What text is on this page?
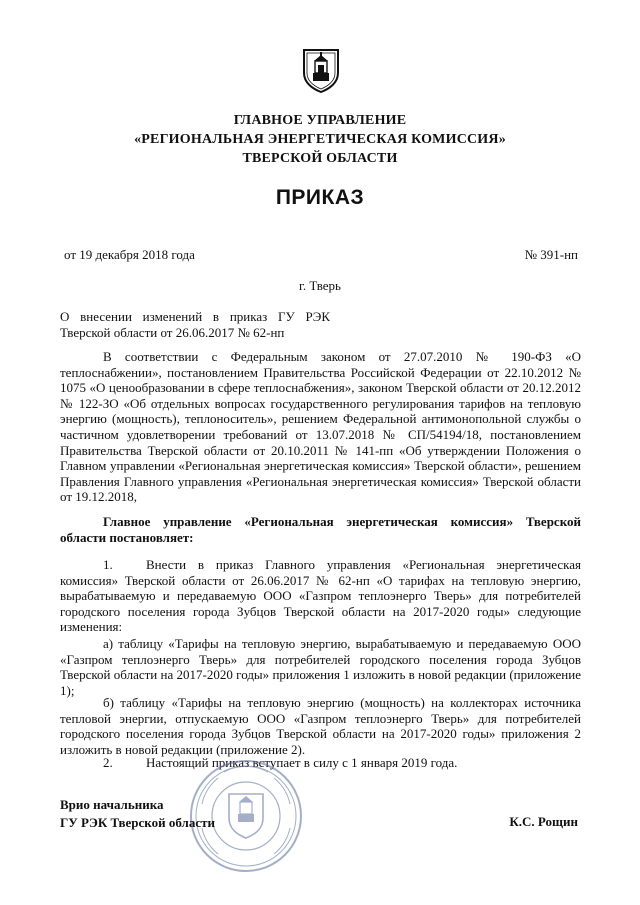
ГЛАВНОЕ УПРАВЛЕНИЕ
«РЕГИОНАЛЬНАЯ ЭНЕРГЕТИЧЕСКАЯ КОМИССИЯ»
ТВЕРСКОЙ ОБЛАСТИ
ПРИКАЗ
от 19 декабря 2018 года	№ 391-нп
г. Тверь
О внесении изменений в приказ ГУ РЭК
Тверской области от 26.06.2017 № 62-нп
В соответствии с Федеральным законом от 27.07.2010 № 190-ФЗ «О теплоснабжении», постановлением Правительства Российской Федерации от 22.10.2012 № 1075 «О ценообразовании в сфере теплоснабжения», законом Тверской области от 20.12.2012 № 122-ЗО «Об отдельных вопросах государственного регулирования тарифов на тепловую энергию (мощность), теплоноситель», решением Федеральной антимонопольной службы о частичном удовлетворении требований от 13.07.2018 № СП/54194/18, постановлением Правительства Тверской области от 20.10.2011 № 141-пп «Об утверждении Положения о Главном управлении «Региональная энергетическая комиссия» Тверской области», решением Правления Главного управления «Региональная энергетическая комиссия» Тверской области от 19.12.2018,
Главное управление «Региональная энергетическая комиссия» Тверской области постановляет:
1.	Внести в приказ Главного управления «Региональная энергетическая комиссия» Тверской области от 26.06.2017 № 62-нп «О тарифах на тепловую энергию, вырабатываемую и передаваемую ООО «Газпром теплоэнерго Тверь» для потребителей городского поселения города Зубцов Тверской области на 2017-2020 годы» следующие изменения:
а) таблицу «Тарифы на тепловую энергию, вырабатываемую и передаваемую ООО «Газпром теплоэнерго Тверь» для потребителей городского поселения города Зубцов Тверской области на 2017-2020 годы» приложения 1 изложить в новой редакции (приложение 1);
б) таблицу «Тарифы на тепловую энергию (мощность) на коллекторах источника тепловой энергии, отпускаемую ООО «Газпром теплоэнерго Тверь» для потребителей городского поселения города Зубцов Тверской области на 2017-2020 годы» приложения 2 изложить в новой редакции (приложение 2).
2.	Настоящий приказ вступает в силу с 1 января 2019 года.
Врио начальника
ГУ РЭК Тверской области	К.С. Рощин
